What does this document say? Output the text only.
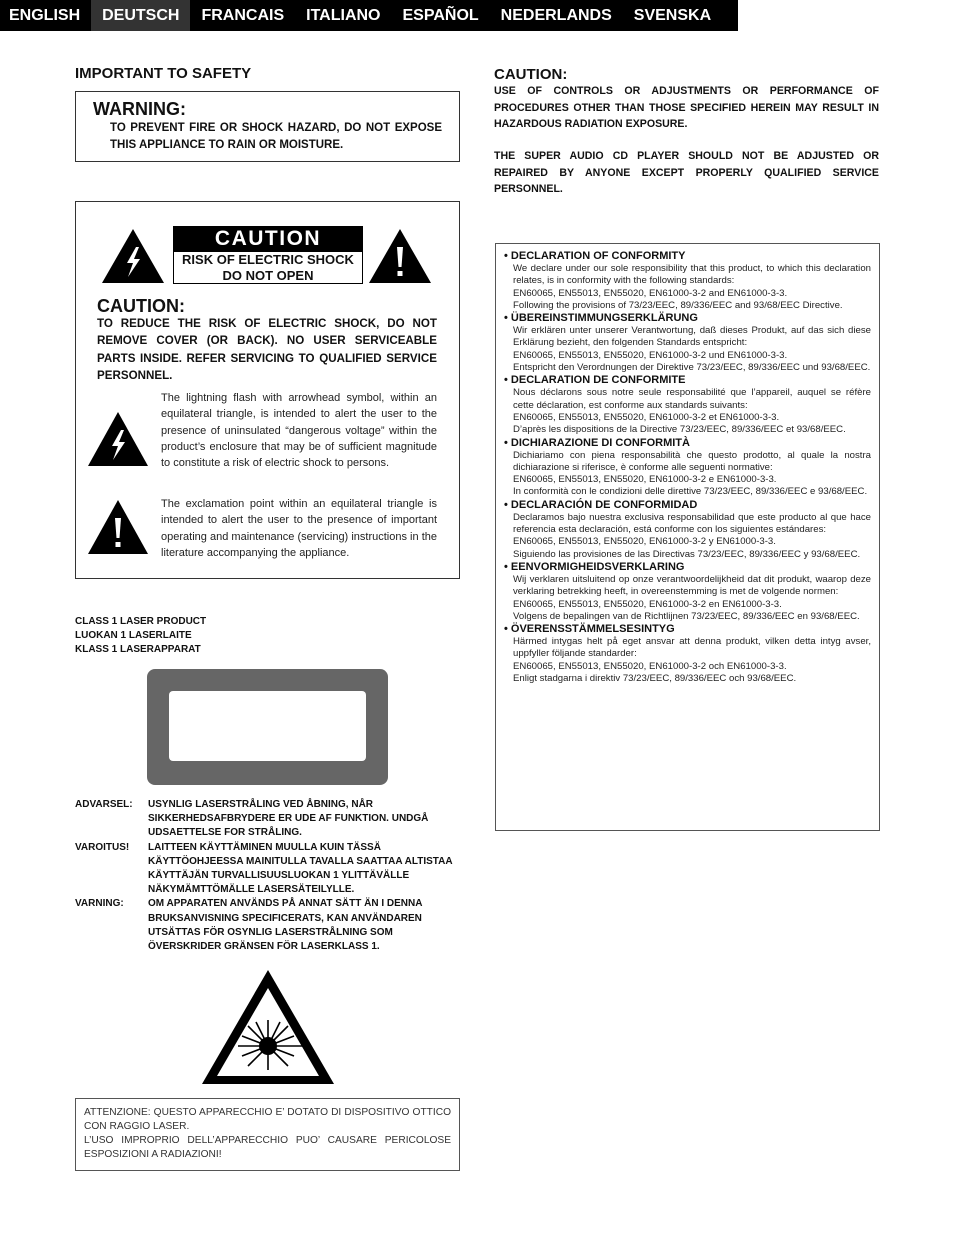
ENGLISH	DEUTSCH	FRANCAIS	ITALIANO	ESPAÑOL	NEDERLANDS	SVENSKA
IMPORTANT TO SAFETY
WARNING:
TO PREVENT FIRE OR SHOCK HAZARD, DO NOT EXPOSE THIS APPLIANCE TO RAIN OR MOISTURE.
CAUTION
RISK OF ELECTRIC SHOCK
DO NOT OPEN
CAUTION:
TO REDUCE THE RISK OF ELECTRIC SHOCK, DO NOT REMOVE COVER (OR BACK). NO USER SERVICEABLE PARTS INSIDE. REFER SERVICING TO QUALIFIED SERVICE PERSONNEL.
The lightning flash with arrowhead symbol, within an equilateral triangle, is intended to alert the user to the presence of uninsulated “dangerous voltage” within the product’s enclosure that may be of sufficient magnitude to constitute a risk of electric shock to persons.
The exclamation point within an equilateral triangle is intended to alert the user to the presence of important operating and maintenance (servicing) instructions in the literature accompanying the appliance.
CLASS 1 LASER PRODUCT
LUOKAN 1 LASERLAITE
KLASS 1 LASERAPPARAT
ADVARSEL:	USYNLIG LASERSTRÅLING VED ÅBNING, NÅR SIKKERHEDSAFBRYDERE ER UDE AF FUNKTION. UNDGÅ UDSAETTELSE FOR STRÅLING.
VAROITUS!	LAITTEEN KÄYTTÄMINEN MUULLA KUIN TÄSSÄ KÄYTTÖOHJEESSA MAINITULLA TAVALLA SAATTAA ALTISTAA KÄYTTÄJÄN TURVALLISUUSLUOKAN 1 YLITTÄVÄLLE NÄKYMÄMTTÖMÄLLE LASERSÄTEILYLLE.
VARNING:	OM APPARATEN ANVÄNDS PÅ ANNAT SÄTT ÄN I DENNA BRUKSANVISNING SPECIFICERATS, KAN ANVÄNDAREN UTSÄTTAS FÖR OSYNLIG LASERSTRÅLNING SOM ÖVERSKRIDER GRÄNSEN FÖR LASERKLASS 1.
ATTENZIONE: QUESTO APPARECCHIO E’ DOTATO DI DISPOSITIVO OTTICO CON RAGGIO LASER.
L’USO IMPROPRIO DELL’APPARECCHIO PUO’ CAUSARE PERICOLOSE ESPOSIZIONI A RADIAZIONI!
CAUTION:
USE OF CONTROLS OR ADJUSTMENTS OR PERFORMANCE OF PROCEDURES OTHER THAN THOSE SPECIFIED HEREIN MAY RESULT IN HAZARDOUS RADIATION EXPOSURE.
THE SUPER AUDIO CD PLAYER SHOULD NOT BE ADJUSTED OR REPAIRED BY ANYONE EXCEPT PROPERLY QUALIFIED SERVICE PERSONNEL.
• DECLARATION OF CONFORMITY
We declare under our sole responsibility that this product, to which this declaration relates, is in conformity with the following standards:
EN60065, EN55013, EN55020, EN61000-3-2 and EN61000-3-3.
Following the provisions of 73/23/EEC, 89/336/EEC and 93/68/EEC Directive.
• ÜBEREINSTIMMUNGSERKLÄRUNG
Wir erklären unter unserer Verantwortung, daß dieses Produkt, auf das sich diese Erklärung bezieht, den folgenden Standards entspricht:
EN60065, EN55013, EN55020, EN61000-3-2 und EN61000-3-3.
Entspricht den Verordnungen der Direktive 73/23/EEC, 89/336/EEC und 93/68/EEC.
• DECLARATION DE CONFORMITE
Nous déclarons sous notre seule responsabilité que l’appareil, auquel se réfère cette déclaration, est conforme aux standards suivants:
EN60065, EN55013, EN55020, EN61000-3-2 et EN61000-3-3.
D’après les dispositions de la Directive 73/23/EEC, 89/336/EEC et 93/68/EEC.
• DICHIARAZIONE DI CONFORMITÀ
Dichiariamo con piena responsabilità che questo prodotto, al quale la nostra dichiarazione si riferisce, è conforme alle seguenti normative:
EN60065, EN55013, EN55020, EN61000-3-2 e EN61000-3-3.
In conformità con le condizioni delle direttive 73/23/EEC, 89/336/EEC e 93/68/EEC.
• DECLARACIÓN DE CONFORMIDAD
Declaramos bajo nuestra exclusiva responsabilidad que este producto al que hace referencia esta declaración, está conforme con los siguientes estándares:
EN60065, EN55013, EN55020, EN61000-3-2 y EN61000-3-3.
Siguiendo las provisiones de las Directivas 73/23/EEC, 89/336/EEC y 93/68/EEC.
• EENVORMIGHEIDSVERKLARING
Wij verklaren uitsluitend op onze verantwoordelijkheid dat dit produkt, waarop deze verklaring betrekking heeft, in overeenstemming is met de volgende normen:
EN60065, EN55013, EN55020, EN61000-3-2 en EN61000-3-3.
Volgens de bepalingen van de Richtlijnen 73/23/EEC, 89/336/EEC en 93/68/EEC.
• ÖVERENSSTÄMMELSESINTYG
Härmed intygas helt på eget ansvar att denna produkt, vilken detta intyg avser, uppfyller följande standarder:
EN60065, EN55013, EN55020, EN61000-3-2 och EN61000-3-3.
Enligt stadgarna i direktiv 73/23/EEC, 89/336/EEC och 93/68/EEC.
